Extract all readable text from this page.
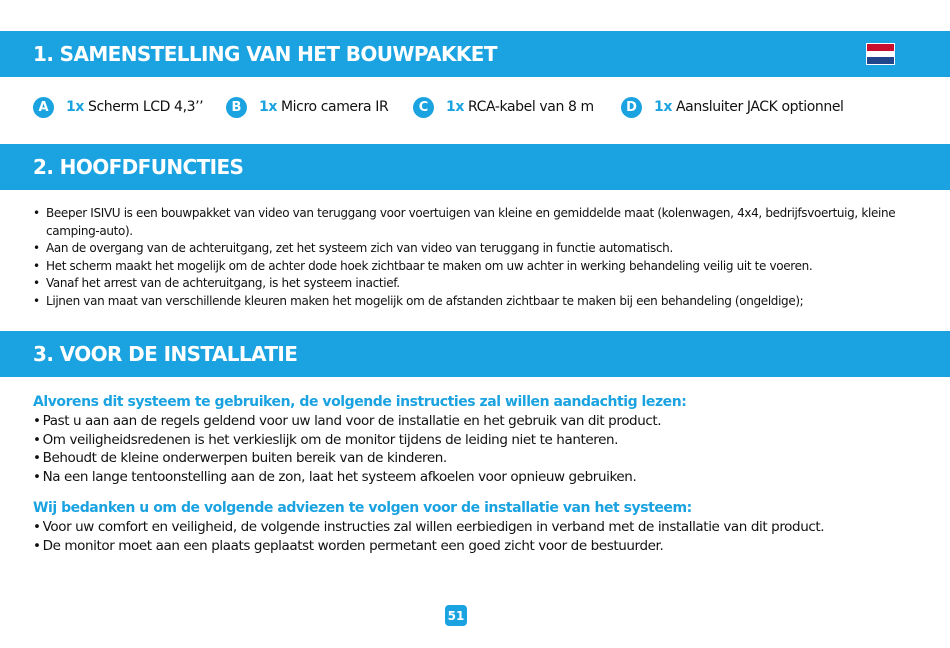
1. SAMENSTELLING VAN HET BOUWPAKKET
A	1x Scherm LCD 4,3’’	B	1x Micro camera IR	C	1x RCA-kabel van 8 m	D	1x Aansluiter JACK optionnel
2. HOOFDFUNCTIES
• Beeper ISIVU is een bouwpakket van video van teruggang voor voertuigen van kleine en gemiddelde maat (kolenwagen, 4x4, bedrijfsvoertuig, kleine camping-auto).
• Aan de overgang van de achteruitgang, zet het systeem zich van video van teruggang in functie automatisch.
• Het scherm maakt het mogelijk om de achter dode hoek zichtbaar te maken om uw achter in werking behandeling veilig uit te voeren.
• Vanaf het arrest van de achteruitgang, is het systeem inactief.
• Lijnen van maat van verschillende kleuren maken het mogelijk om de afstanden zichtbaar te maken bij een behandeling (ongeldige);
3. VOOR DE INSTALLATIE
Alvorens dit systeem te gebruiken, de volgende instructies zal willen aandachtig lezen:
• Past u aan aan de regels geldend voor uw land voor de installatie en het gebruik van dit product.
• Om veiligheidsredenen is het verkieslijk om de monitor tijdens de leiding niet te hanteren.
• Behoudt de kleine onderwerpen buiten bereik van de kinderen.
• Na een lange tentoonstelling aan de zon, laat het systeem afkoelen voor opnieuw gebruiken.
Wij bedanken u om de volgende adviezen te volgen voor de installatie van het systeem:
• Voor uw comfort en veiligheid, de volgende instructies zal willen eerbiedigen in verband met de installatie van dit product.
• De monitor moet aan een plaats geplaatst worden permetant een goed zicht voor de bestuurder.
51
